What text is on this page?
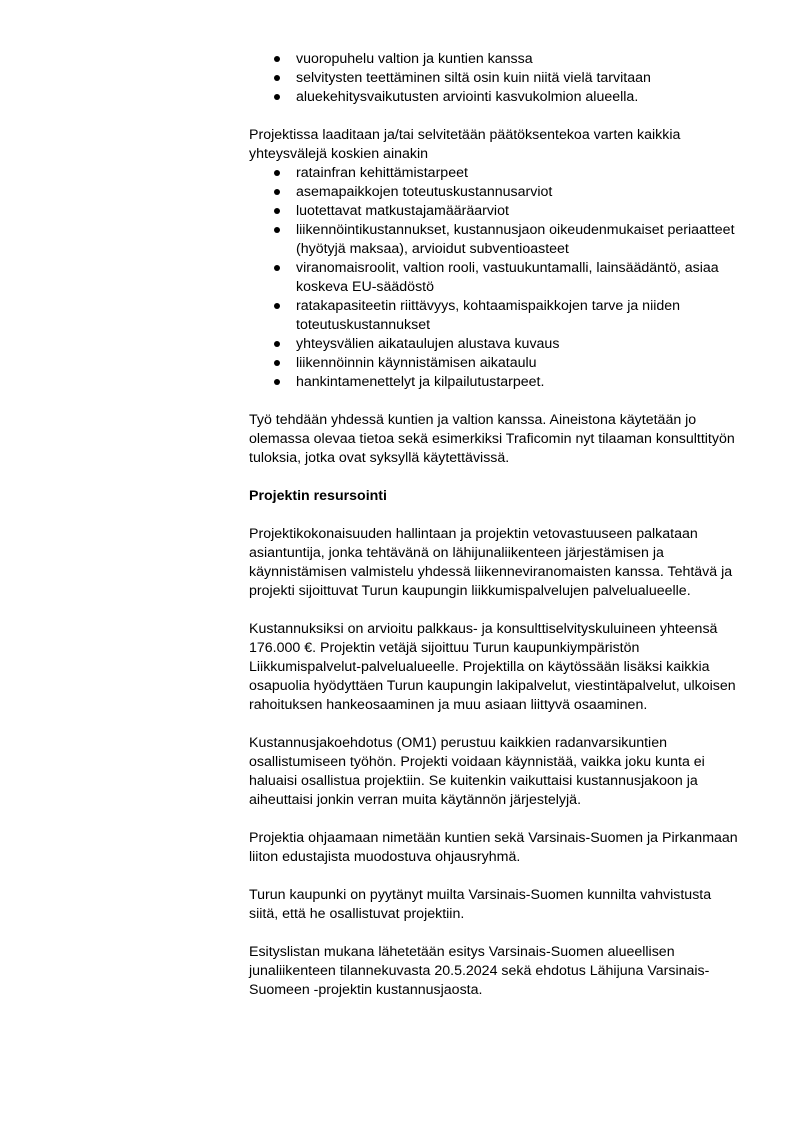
vuoropuhelu valtion ja kuntien kanssa
selvitysten teettäminen siltä osin kuin niitä vielä tarvitaan
aluekehitysvaikutusten arviointi kasvukolmion alueella.

Projektissa laaditaan ja/tai selvitetään päätöksentekoa varten kaikkia yhteysvälejä koskien ainakin

ratainfran kehittämistarpeet
asemapaikkojen toteutuskustannusarviot
luotettavat matkustajamääräarviot
liikennöintikustannukset, kustannusjaon oikeudenmukaiset periaatteet (hyötyjä maksaa), arvioidut subventioasteet
viranomaisroolit, valtion rooli, vastuukuntamalli, lainsäädäntö, asiaa koskeva EU-säädöstö
ratakapasiteetin riittävyys, kohtaamispaikkojen tarve ja niiden toteutuskustannukset
yhteysvälien aikataulujen alustava kuvaus
liikennöinnin käynnistämisen aikataulu
hankintamenettelyt ja kilpailutustarpeet.

Työ tehdään yhdessä kuntien ja valtion kanssa. Aineistona käytetään jo olemassa olevaa tietoa sekä esimerkiksi Traficomin nyt tilaaman konsulttityön tuloksia, jotka ovat syksyllä käytettävissä.

Projektin resursointi

Projektikokonaisuuden hallintaan ja projektin vetovastuuseen palkataan asiantuntija, jonka tehtävänä on lähijunaliikenteen järjestämisen ja käynnistämisen valmistelu yhdessä liikenneviranomaisten kanssa. Tehtävä ja projekti sijoittuvat Turun kaupungin liikkumispalvelujen palvelualueelle.

Kustannuksiksi on arvioitu palkkaus- ja konsulttiselvityskuluineen yhteensä 176.000 €. Projektin vetäjä sijoittuu Turun kaupunkiympäristön Liikkumispalvelut-palvelualueelle. Projektilla on käytössään lisäksi kaikkia osapuolia hyödyttäen Turun kaupungin lakipalvelut, viestintäpalvelut, ulkoisen rahoituksen hankeosaaminen ja muu asiaan liittyvä osaaminen.

Kustannusjakoehdotus (OM1) perustuu kaikkien radanvarsikuntien osallistumiseen työhön. Projekti voidaan käynnistää, vaikka joku kunta ei haluaisi osallistua projektiin. Se kuitenkin vaikuttaisi kustannusjakoon ja aiheuttaisi jonkin verran muita käytännön järjestelyjä.

Projektia ohjaamaan nimetään kuntien sekä Varsinais-Suomen ja Pirkanmaan liiton edustajista muodostuva ohjausryhmä.

Turun kaupunki on pyytänyt muilta Varsinais-Suomen kunnilta vahvistusta siitä, että he osallistuvat projektiin.

Esityslistan mukana lähetetään esitys Varsinais-Suomen alueellisen junaliikenteen tilannekuvasta 20.5.2024 sekä ehdotus Lähijuna Varsinais-Suomeen -projektin kustannusjaosta.
